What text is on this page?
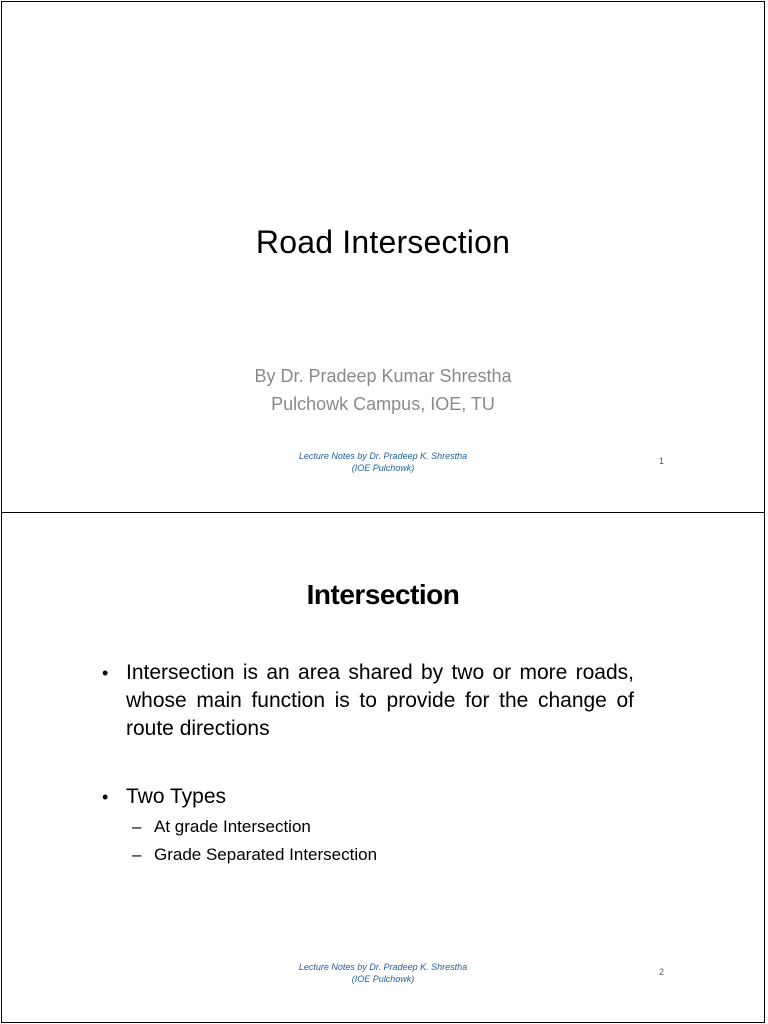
Road Intersection
By Dr. Pradeep Kumar Shrestha
Pulchowk Campus, IOE, TU
Lecture Notes by Dr. Pradeep K. Shrestha
(IOE Pulchowk)
1
Intersection
• Intersection is an area shared by two or more roads, whose main function is to provide for the change of route directions
• Two Types
– At grade Intersection
– Grade Separated Intersection
Lecture Notes by Dr. Pradeep K. Shrestha
(IOE Pulchowk)
2
